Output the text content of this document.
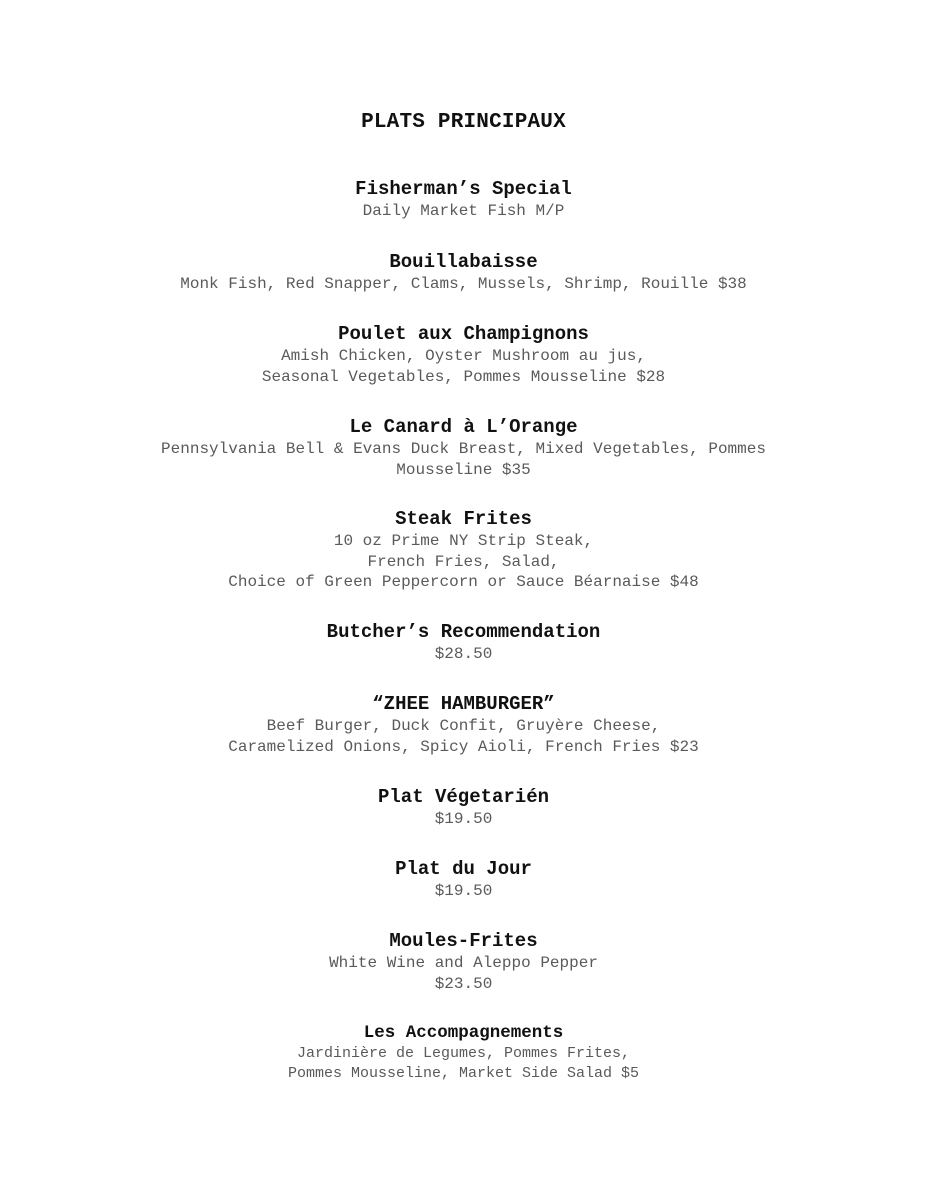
PLATS PRINCIPAUX
Fisherman’s Special
Daily Market Fish M/P
Bouillabaisse
Monk Fish, Red Snapper, Clams, Mussels, Shrimp, Rouille $38
Poulet aux Champignons
Amish Chicken, Oyster Mushroom au jus,
Seasonal Vegetables, Pommes Mousseline $28
Le Canard à L’Orange
Pennsylvania Bell & Evans Duck Breast, Mixed Vegetables, Pommes
Mousseline $35
Steak Frites
10 oz Prime NY Strip Steak,
French Fries, Salad,
Choice of Green Peppercorn or Sauce Béarnaise $48
Butcher’s Recommendation
$28.50
“ZHEE HAMBURGER”
Beef Burger, Duck Confit, Gruyère Cheese,
Caramelized Onions, Spicy Aioli, French Fries $23
Plat Végetarién
$19.50
Plat du Jour
$19.50
Moules-Frites
White Wine and Aleppo Pepper
$23.50
Les Accompagnements
Jardinière de Legumes, Pommes Frites,
Pommes Mousseline, Market Side Salad $5
